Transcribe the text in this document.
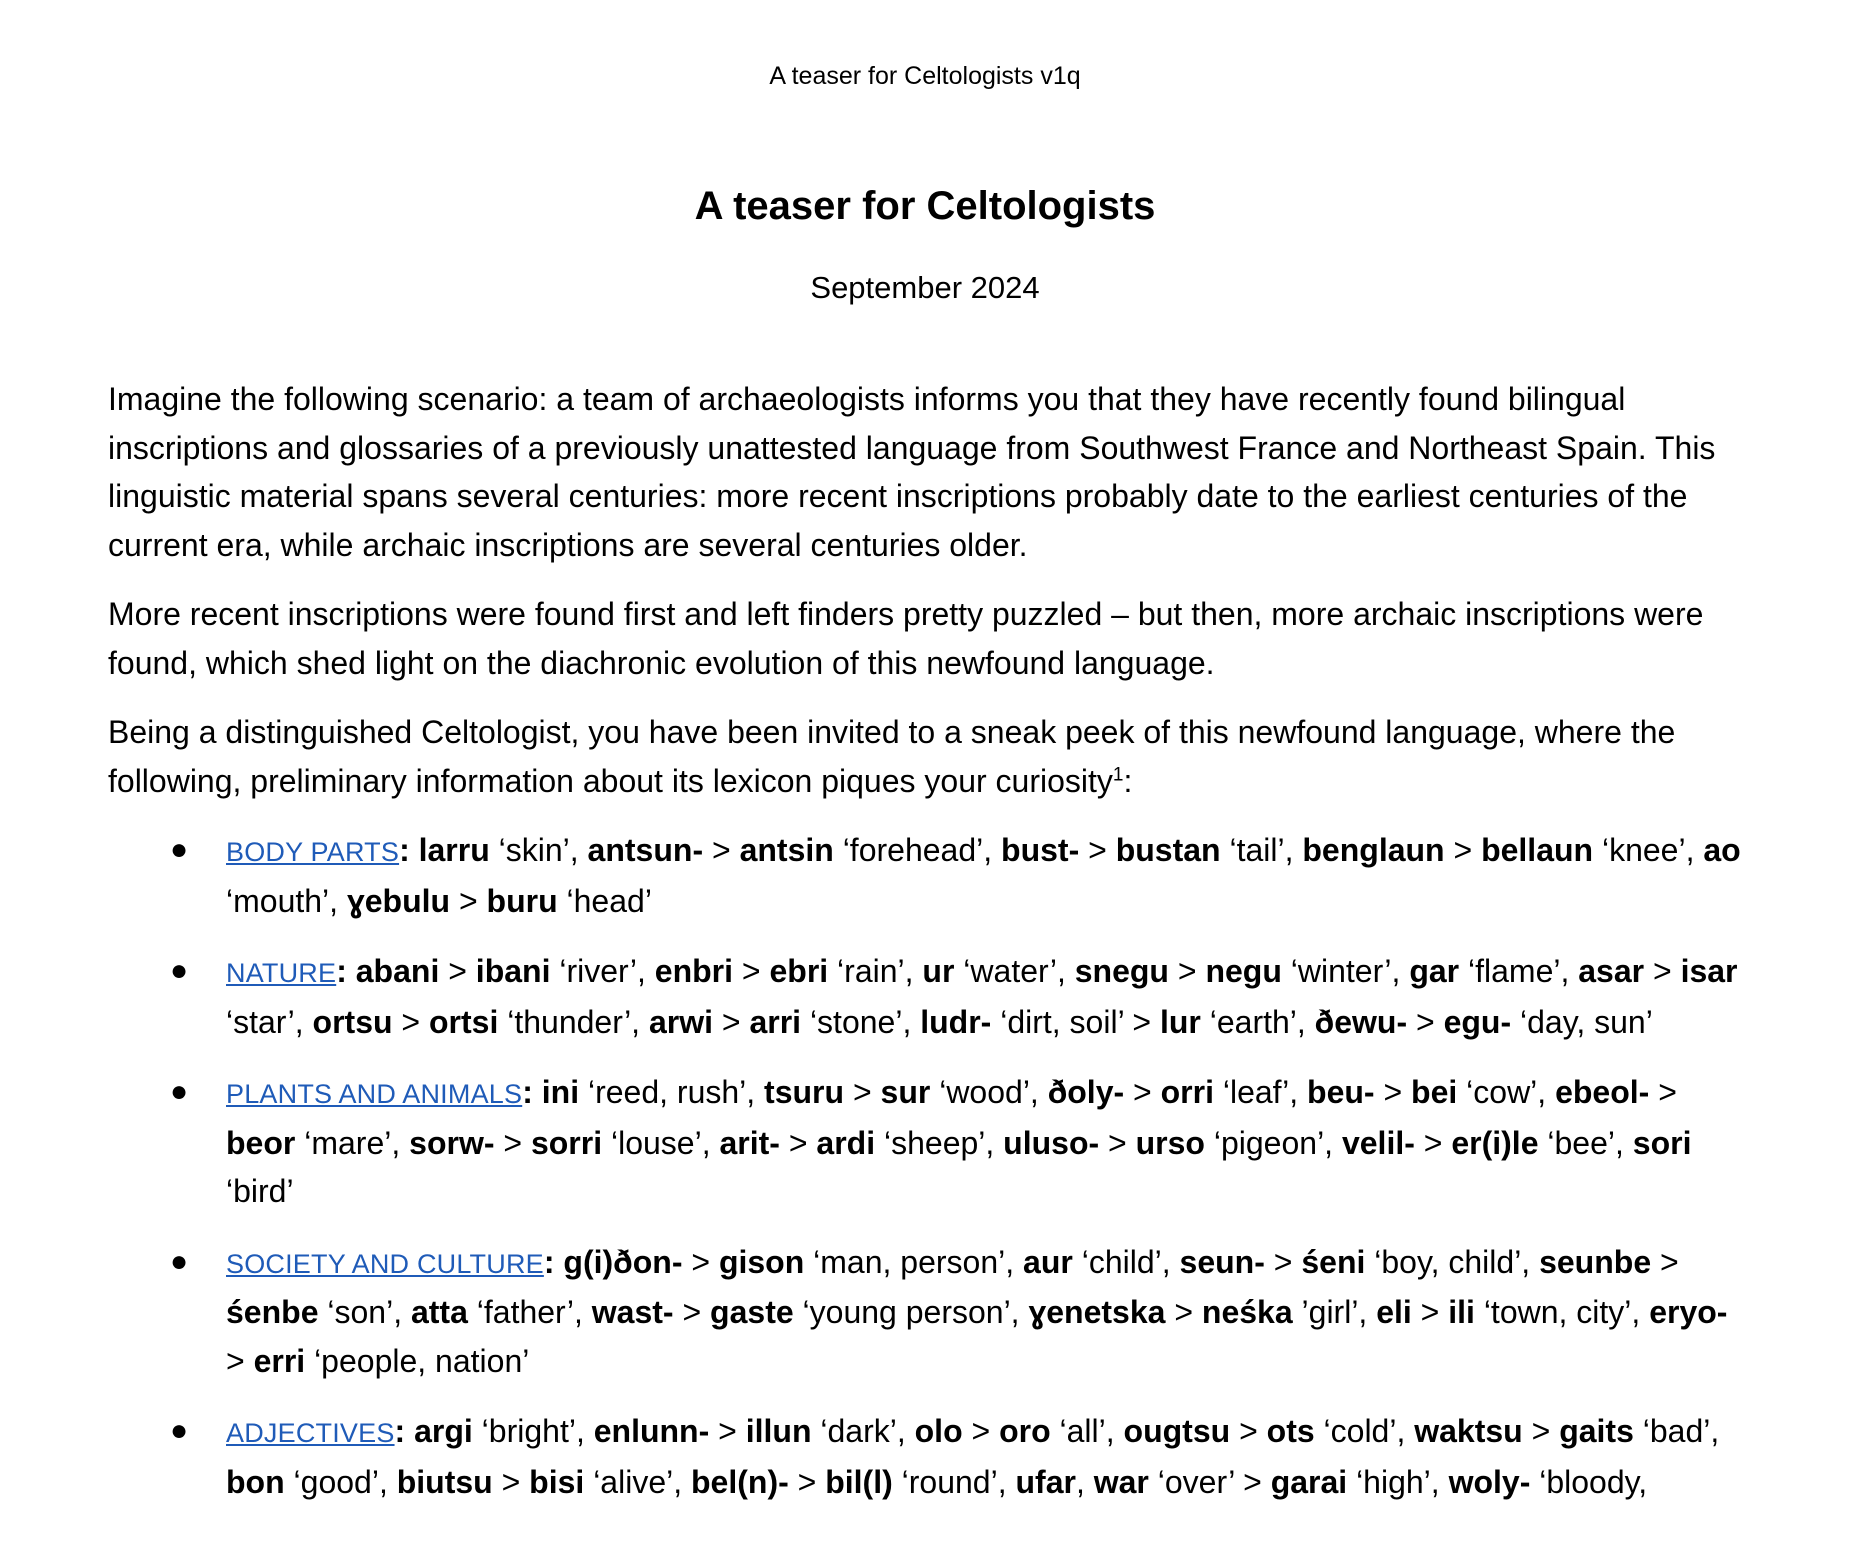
A teaser for Celtologists v1q
A teaser for Celtologists
September 2024

Imagine the following scenario: a team of archaeologists informs you that they have recently found bilingual inscriptions and glossaries of a previously unattested language from Southwest France and Northeast Spain. This linguistic material spans several centuries: more recent inscriptions probably date to the earliest centuries of the current era, while archaic inscriptions are several centuries older.

More recent inscriptions were found first and left finders pretty puzzled – but then, more archaic inscriptions were found, which shed light on the diachronic evolution of this newfound language.

Being a distinguished Celtologist, you have been invited to a sneak peek of this newfound language, where the following, preliminary information about its lexicon piques your curiosity$^1$:

● BODY PARTS: larru ‘skin’, antsun- > antsin ‘forehead’, bust- > bustan ‘tail’, benglaun > bellaun ‘knee’, ao ‘mouth’, ɣebulu > buru ‘head’
● NATURE: abani > ibani ‘river’, enbri > ebri ‘rain’, ur ‘water’, snegu > negu ‘winter’, gar ‘flame’, asar > isar ‘star’, ortsu > ortsi ‘thunder’, arwi > arri ‘stone’, ludr- ‘dirt, soil’ > lur ‘earth’, ðewu- > egu- ‘day, sun’
● PLANTS AND ANIMALS: ini ‘reed, rush’, tsuru > sur ‘wood’, ðoly- > orri ‘leaf’, beu- > bei ‘cow’, ebeol- > beor ‘mare’, sorw- > sorri ‘louse’, arit- > ardi ‘sheep’, uluso- > urso ‘pigeon’, velil- > er(i)le ‘bee’, sori ‘bird’
● SOCIETY AND CULTURE: g(i)ðon- > gison ‘man, person’, aur ‘child’, seun- > śeni ‘boy, child’, seunbe > śenbe ‘son’, atta ‘father’, wast- > gaste ‘young person’, ɣenetska > neśka ’girl’, eli > ili ‘town, city’, eryo- > erri ‘people, nation’
● ADJECTIVES: argi ‘bright’, enlunn- > illun ‘dark’, olo > oro ‘all’, ougtsu > ots ‘cold’, waktsu > gaits ‘bad’, bon ‘good’, biutsu > bisi ‘alive’, bel(n)- > bil(l) ‘round’, ufar, war ‘over’ > garai ‘high’, woly- ‘bloody,
